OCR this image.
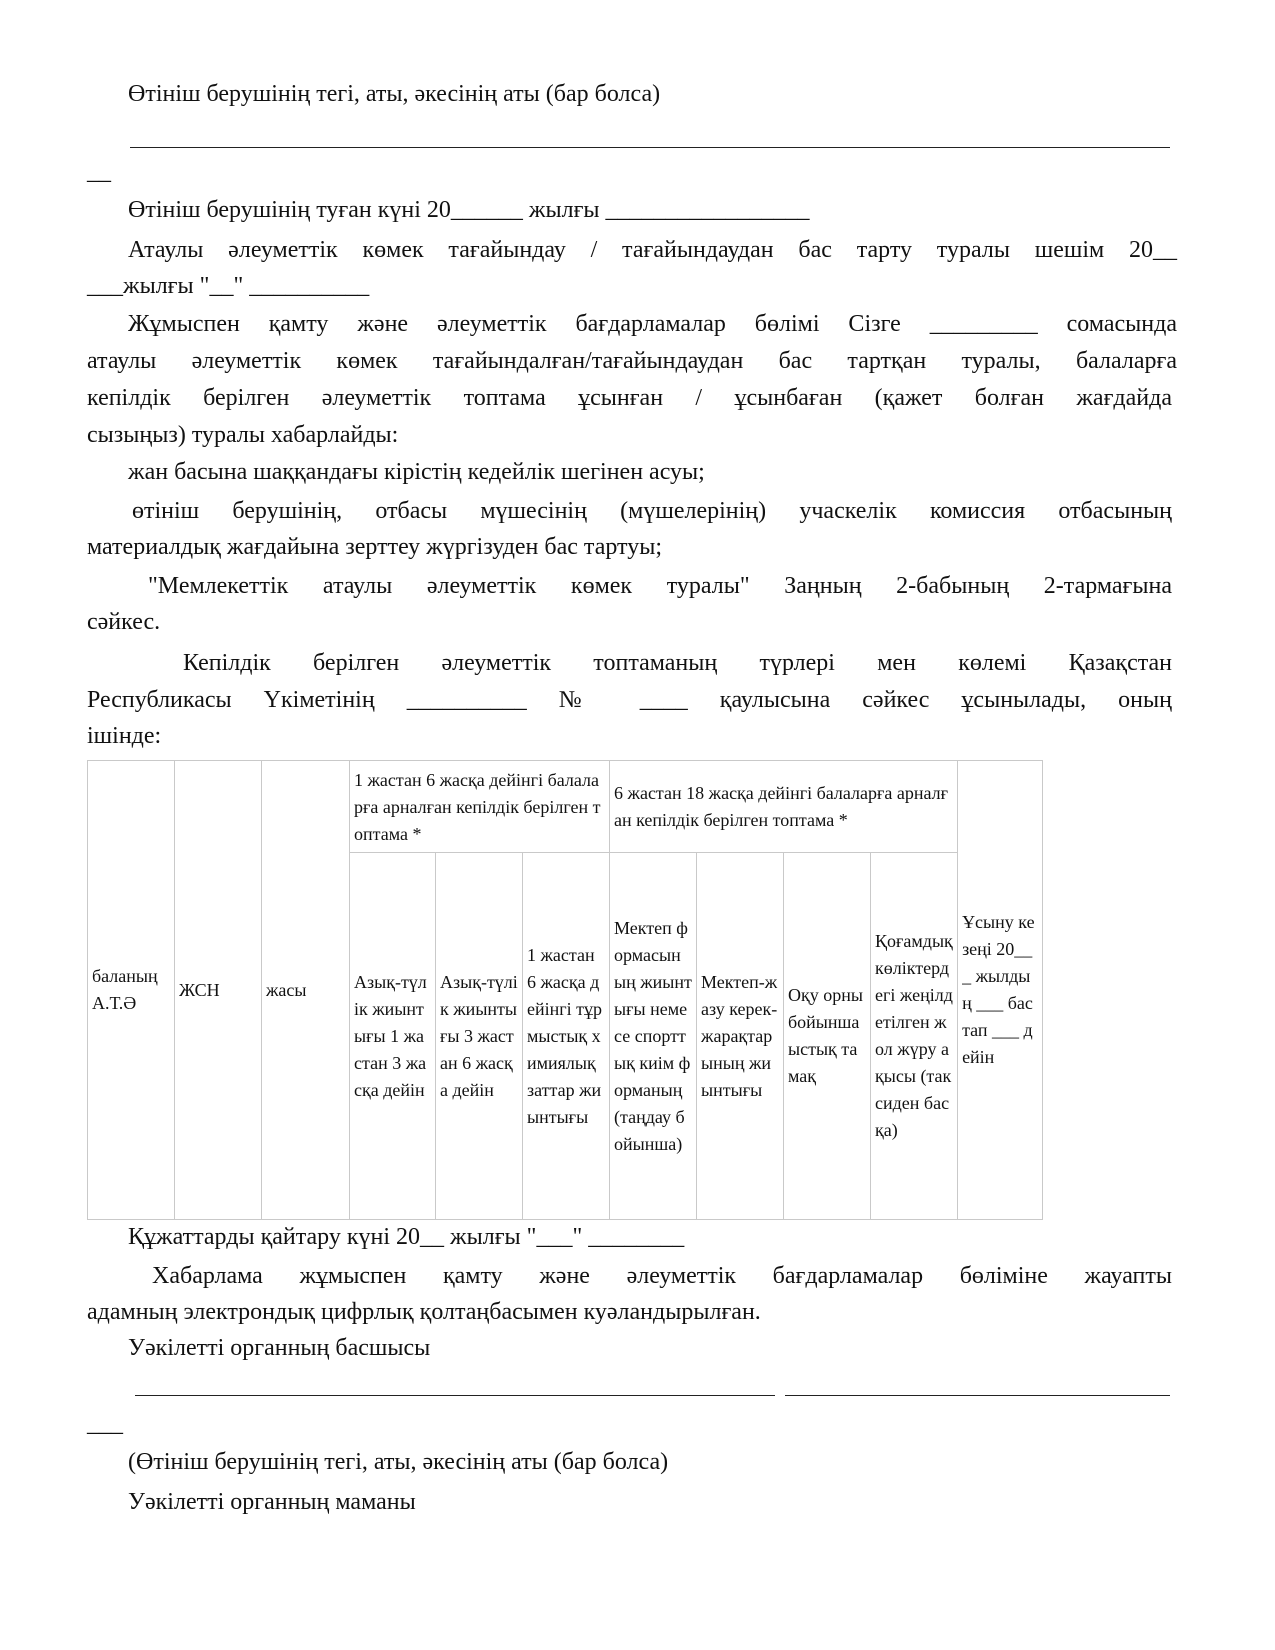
Өтініш берушінің тегі, аты, әкесінің аты (бар болса)
__
Өтініш берушінің туған күні 20______ жылғы _________________
Атаулы әлеуметтік көмек тағайындау / тағайындаудан бас тарту туралы шешім 20__
___жылғы "__" __________
Жұмыспен қамту және әлеуметтік бағдарламалар бөлімі Сізге _________ сомасында
атаулы әлеуметтік көмек тағайындалған/тағайындаудан бас тартқан туралы, балаларға
кепілдік берілген әлеуметтік топтама ұсынған / ұсынбаған (қажет болған жағдайда
сызыңыз) туралы хабарлайды:
жан басына шаққандағы кірістің кедейлік шегінен асуы;
өтініш берушінің, отбасы мүшесінің (мүшелерінің) учаскелік комиссия отбасының
материалдық жағдайына зерттеу жүргізуден бас тартуы;
"Мемлекеттік атаулы әлеуметтік көмек туралы" Заңның 2-бабының 2-тармағына
сәйкес.
Кепілдік берілген әлеуметтік топтаманың түрлері мен көлемі Қазақстан
Республикасы Үкіметінің __________ № ____ қаулысына сәйкес ұсынылады, оның
ішінде:
баланың А.Т.Ә	ЖСН	жасы	1 жастан 6 жасқа дейінгі балаларға арналған кепілдік берілген топтама *			6 жастан 18 жасқа дейінгі балаларға арналған кепілдік берілген топтама *				Ұсыну кезеңі 20___ жылдың ___ бастап ___ дейін
			Азық-түлік жиынтығы 1 жастан 3 жасқа дейін	Азық-түлік жиынтығы 3 жастан 6 жасқа дейін	1 жастан 6 жасқа дейінгі тұрмыстық химиялық заттар жиынтығы	Мектеп формасының жиынтығы немесе спорттық киім форманың (таңдау бойынша)	Мектеп-жазу керек-жарақтарының жиынтығы	Оқу орны бойынша ыстық тамақ	Қоғамдық көліктердегі жеңілдетілген жол жүру ақысы (таксиден басқа)	
Құжаттарды қайтару күні 20__ жылғы "___" ________
Хабарлама жұмыспен қамту және әлеуметтік бағдарламалар бөліміне жауапты
адамның электрондық цифрлық қолтаңбасымен куәландырылған.
Уәкілетті органның басшысы
___
(Өтініш берушінің тегі, аты, әкесінің аты (бар болса)
Уәкілетті органның маманы
